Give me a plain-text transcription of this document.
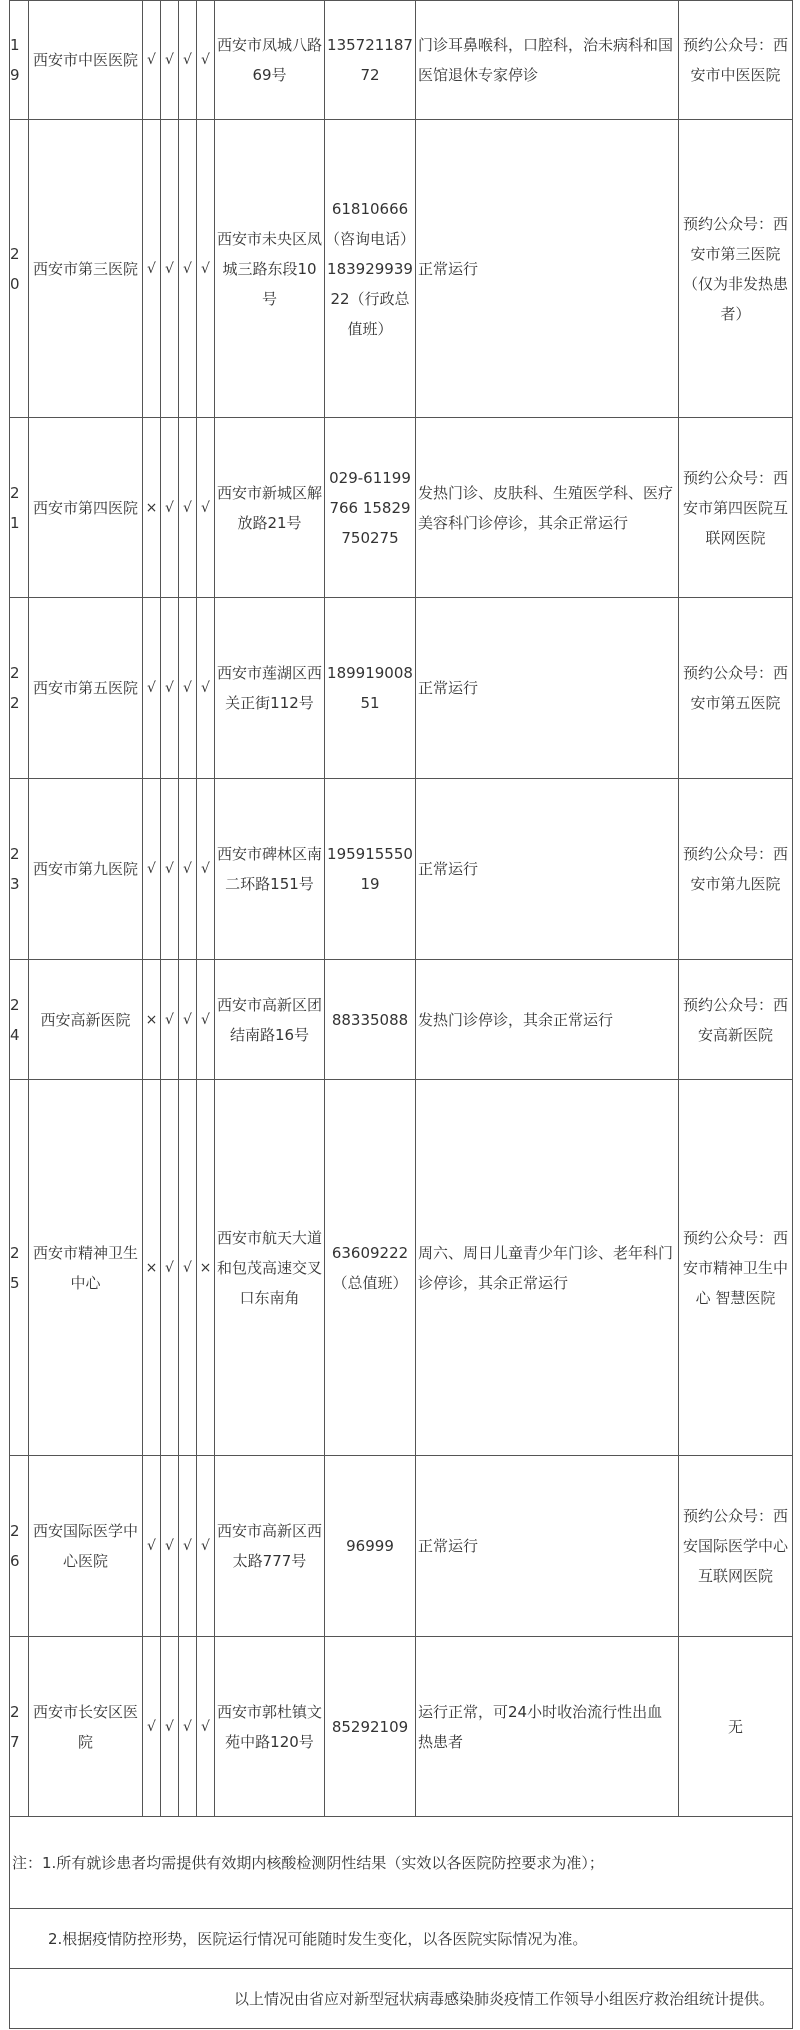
19	西安市中医医院	√	√	√	√	西安市凤城八路69号	13572118772	门诊耳鼻喉科，口腔科，治未病科和国医馆退休专家停诊	预约公众号：西安市中医医院
20	西安市第三医院	√	√	√	√	西安市未央区凤城三路东段10号	61810666（咨询电话）18392993922（行政总值班）	正常运行	预约公众号：西安市第三医院（仅为非发热患者）
21	西安市第四医院	×	√	√	√	西安市新城区解放路21号	029-61199766 15829750275	发热门诊、皮肤科、生殖医学科、医疗美容科门诊停诊，其余正常运行	预约公众号：西安市第四医院互联网医院
22	西安市第五医院	√	√	√	√	西安市莲湖区西关正街112号	18991900851	正常运行	预约公众号：西安市第五医院
23	西安市第九医院	√	√	√	√	西安市碑林区南二环路151号	19591555019	正常运行	预约公众号：西安市第九医院
24	西安高新医院	×	√	√	√	西安市高新区团结南路16号	88335088	发热门诊停诊，其余正常运行	预约公众号：西安高新医院
25	西安市精神卫生中心	×	√	√	×	西安市航天大道和包茂高速交叉口东南角	63609222（总值班）	周六、周日儿童青少年门诊、老年科门诊停诊，其余正常运行	预约公众号：西安市精神卫生中心 智慧医院
26	西安国际医学中心医院	√	√	√	√	西安市高新区西太路777号	96999	正常运行	预约公众号：西安国际医学中心互联网医院
27	西安市长安区医院	√	√	√	√	西安市郭杜镇文苑中路120号	85292109	运行正常，可24小时收治流行性出血热患者	无
注：1.所有就诊患者均需提供有效期内核酸检测阴性结果（实效以各医院防控要求为准）；									
2.根据疫情防控形势，医院运行情况可能随时发生变化，以各医院实际情况为准。									
以上情况由省应对新型冠状病毒感染肺炎疫情工作领导小组医疗救治组统计提供。									
